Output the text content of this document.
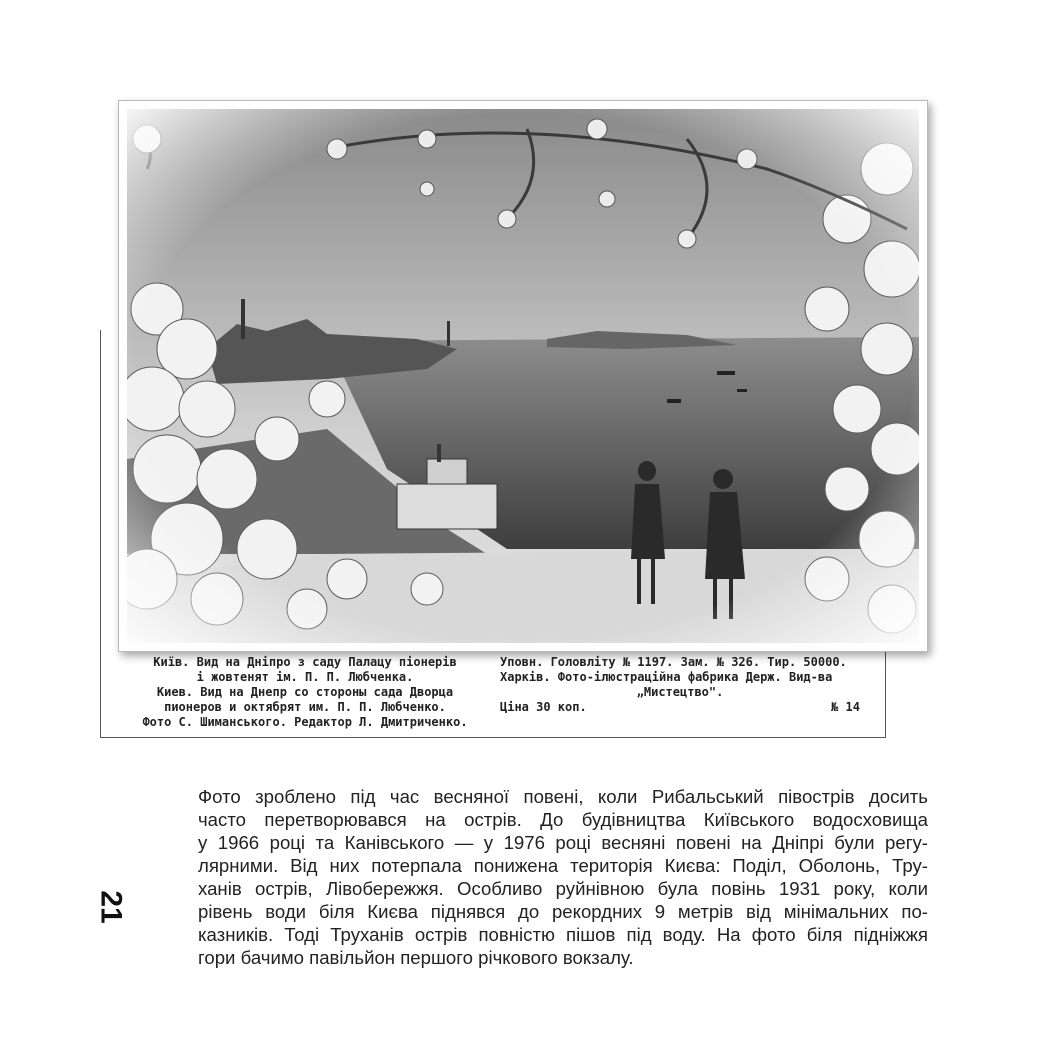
Київ. Вид на Дніпро з саду Палацу піонерів
і жовтенят ім. П. П. Любченка.
Киев. Вид на Днепр со стороны сада Дворца
пионеров и октябрят им. П. П. Любченко.
Фото С. Шиманського. Редактор Л. Дмитриченко.
Уповн. Головліту № 1197. Зам. № 326. Тир. 50000.
Харків. Фото-ілюстраційна фабрика Держ. Вид-ва
„Мистецтво".
Ціна 30 коп.	№ 14
21
Фото зроблено під час весняної повені, коли Рибальський півострів досить
часто перетворювався на острів. До будівництва Київського водосховища
у 1966 році та Канівського — у 1976 році весняні повені на Дніпрі були регу-
лярними. Від них потерпала понижена територія Києва: Поділ, Оболонь, Тру-
ханів острів, Лівобережжя. Особливо руйнівною була повінь 1931 року, коли
рівень води біля Києва піднявся до рекордних 9 метрів від мінімальних по-
казників. Тоді Труханів острів повністю пішов під воду. На фото біля підніжжя
гори бачимо павільйон першого річкового вокзалу.
